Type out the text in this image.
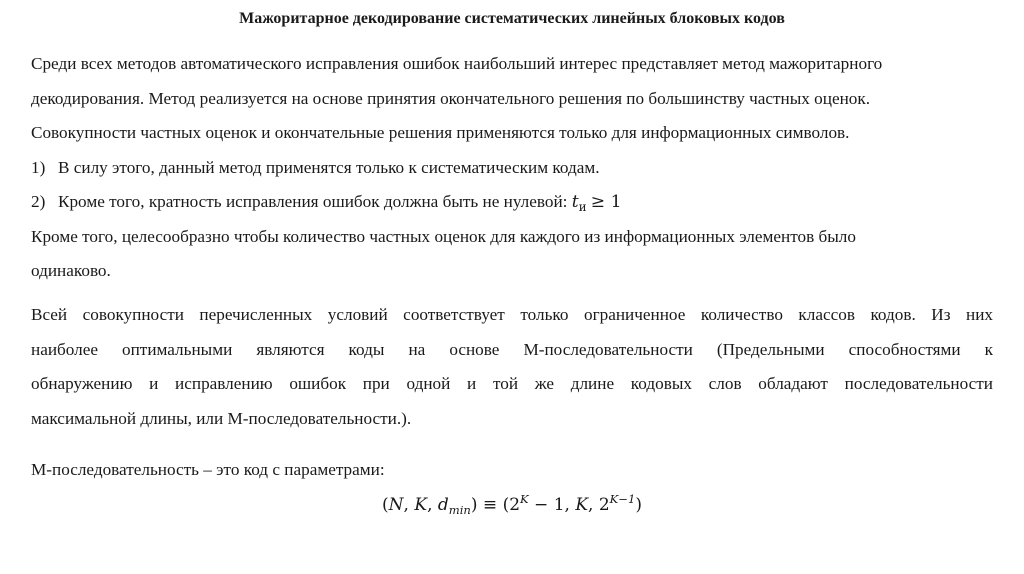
Мажоритарное декодирование систематических линейных блоковых кодов
Среди всех методов автоматического исправления ошибок наибольший интерес представляет метод мажоритарного
декодирования. Метод реализуется на основе принятия окончательного решения по большинству частных оценок.
Совокупности частных оценок и окончательные решения применяются только для информационных символов.
1) В силу этого, данный метод применятся только к систематическим кодам.
2) Кроме того, кратность исправления ошибок должна быть не нулевой: $t_и \ge 1$
Кроме того, целесообразно чтобы количество частных оценок для каждого из информационных элементов было
одинаково.
Всей совокупности перечисленных условий соответствует только ограниченное количество классов кодов. Из них
наиболее оптимальными являются коды на основе М-последовательности (Предельными способностями к
обнаружению и исправлению ошибок при одной и той же длине кодовых слов обладают последовательности
максимальной длины, или М-последовательности.).
М-последовательность – это код с параметрами:
(N, K, $d_{min}) \equiv (2^K - 1$, K, $2^{K-1}$)
